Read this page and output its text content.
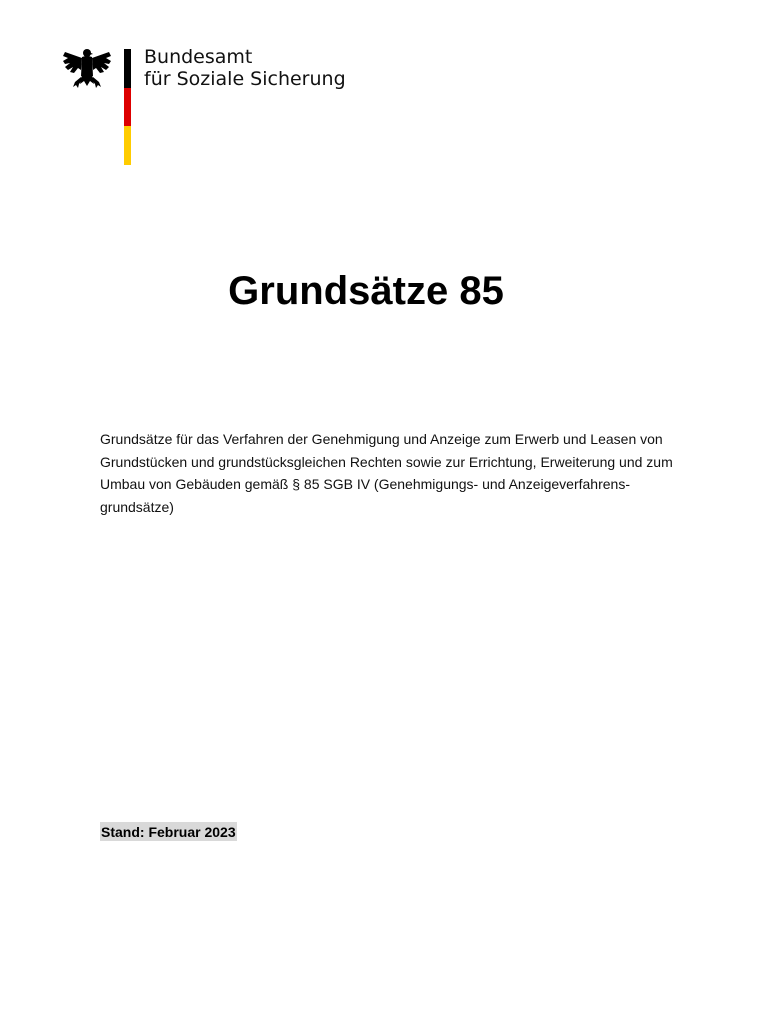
Bundesamt
für Soziale Sicherung
Grundsätze 85
Grundsätze für das Verfahren der Genehmigung und Anzeige zum Erwerb und Leasen von Grundstücken und grundstücksgleichen Rechten sowie zur Errichtung, Erweiterung und zum Umbau von Gebäuden gemäß § 85 SGB IV (Genehmigungs- und Anzeigeverfahrens-grundsätze)
Stand: Februar 2023
